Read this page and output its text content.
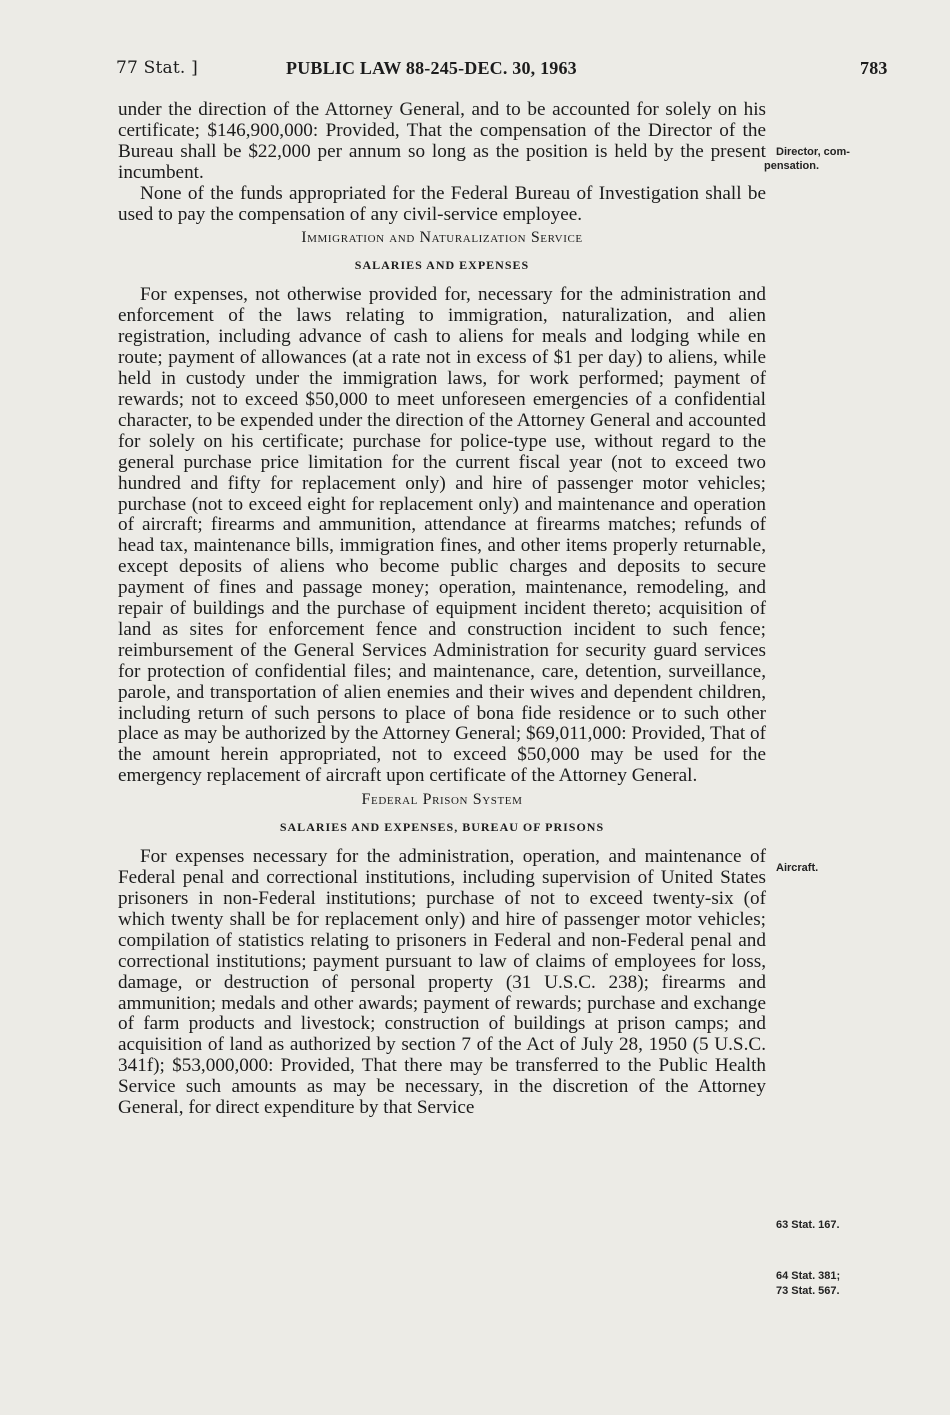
77 Stat. ]	PUBLIC LAW 88-245-DEC. 30, 1963	783

under the direction of the Attorney General, and to be accounted for solely on his certificate; $146,900,000: Provided, That the compensation of the Director of the Bureau shall be $22,000 per annum so long as the position is held by the present incumbent.

None of the funds appropriated for the Federal Bureau of Investigation shall be used to pay the compensation of any civil-service employee.

Immigration and Naturalization Service
SALARIES AND EXPENSES

For expenses, not otherwise provided for, necessary for the administration and enforcement of the laws relating to immigration, naturalization, and alien registration, including advance of cash to aliens for meals and lodging while en route; payment of allowances (at a rate not in excess of $1 per day) to aliens, while held in custody under the immigration laws, for work performed; payment of rewards; not to exceed $50,000 to meet unforeseen emergencies of a confidential character, to be expended under the direction of the Attorney General and accounted for solely on his certificate; purchase for police-type use, without regard to the general purchase price limitation for the current fiscal year (not to exceed two hundred and fifty for replacement only) and hire of passenger motor vehicles; purchase (not to exceed eight for replacement only) and maintenance and operation of aircraft; firearms and ammunition, attendance at firearms matches; refunds of head tax, maintenance bills, immigration fines, and other items properly returnable, except deposits of aliens who become public charges and deposits to secure payment of fines and passage money; operation, maintenance, remodeling, and repair of buildings and the purchase of equipment incident thereto; acquisition of land as sites for enforcement fence and construction incident to such fence; reimbursement of the General Services Administration for security guard services for protection of confidential files; and maintenance, care, detention, surveillance, parole, and transportation of alien enemies and their wives and dependent children, including return of such persons to place of bona fide residence or to such other place as may be authorized by the Attorney General; $69,011,000: Provided, That of the amount herein appropriated, not to exceed $50,000 may be used for the emergency replacement of aircraft upon certificate of the Attorney General.

Federal Prison System
SALARIES AND EXPENSES, BUREAU OF PRISONS

For expenses necessary for the administration, operation, and maintenance of Federal penal and correctional institutions, including supervision of United States prisoners in non-Federal institutions; purchase of not to exceed twenty-six (of which twenty shall be for replacement only) and hire of passenger motor vehicles; compilation of statistics relating to prisoners in Federal and non-Federal penal and correctional institutions; payment pursuant to law of claims of employees for loss, damage, or destruction of personal property (31 U.S.C. 238); firearms and ammunition; medals and other awards; payment of rewards; purchase and exchange of farm products and livestock; construction of buildings at prison camps; and acquisition of land as authorized by section 7 of the Act of July 28, 1950 (5 U.S.C. 341f); $53,000,000: Provided, That there may be transferred to the Public Health Service such amounts as may be necessary, in the discretion of the Attorney General, for direct expenditure by that Service

Director, com-
pensation.
Aircraft.
63 Stat. 167.
64 Stat. 381;
73 Stat. 567.
